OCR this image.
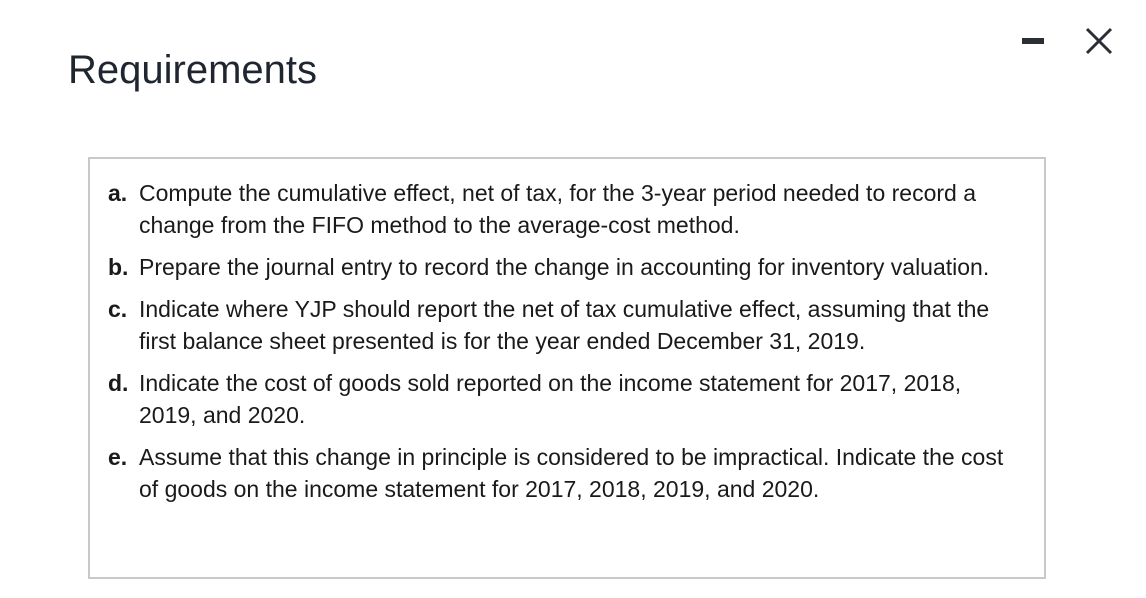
Requirements
a. Compute the cumulative effect, net of tax, for the 3-year period needed to record a change from the FIFO method to the average-cost method.
b. Prepare the journal entry to record the change in accounting for inventory valuation.
c. Indicate where YJP should report the net of tax cumulative effect, assuming that the first balance sheet presented is for the year ended December 31, 2019.
d. Indicate the cost of goods sold reported on the income statement for 2017, 2018, 2019, and 2020.
e. Assume that this change in principle is considered to be impractical. Indicate the cost of goods on the income statement for 2017, 2018, 2019, and 2020.
